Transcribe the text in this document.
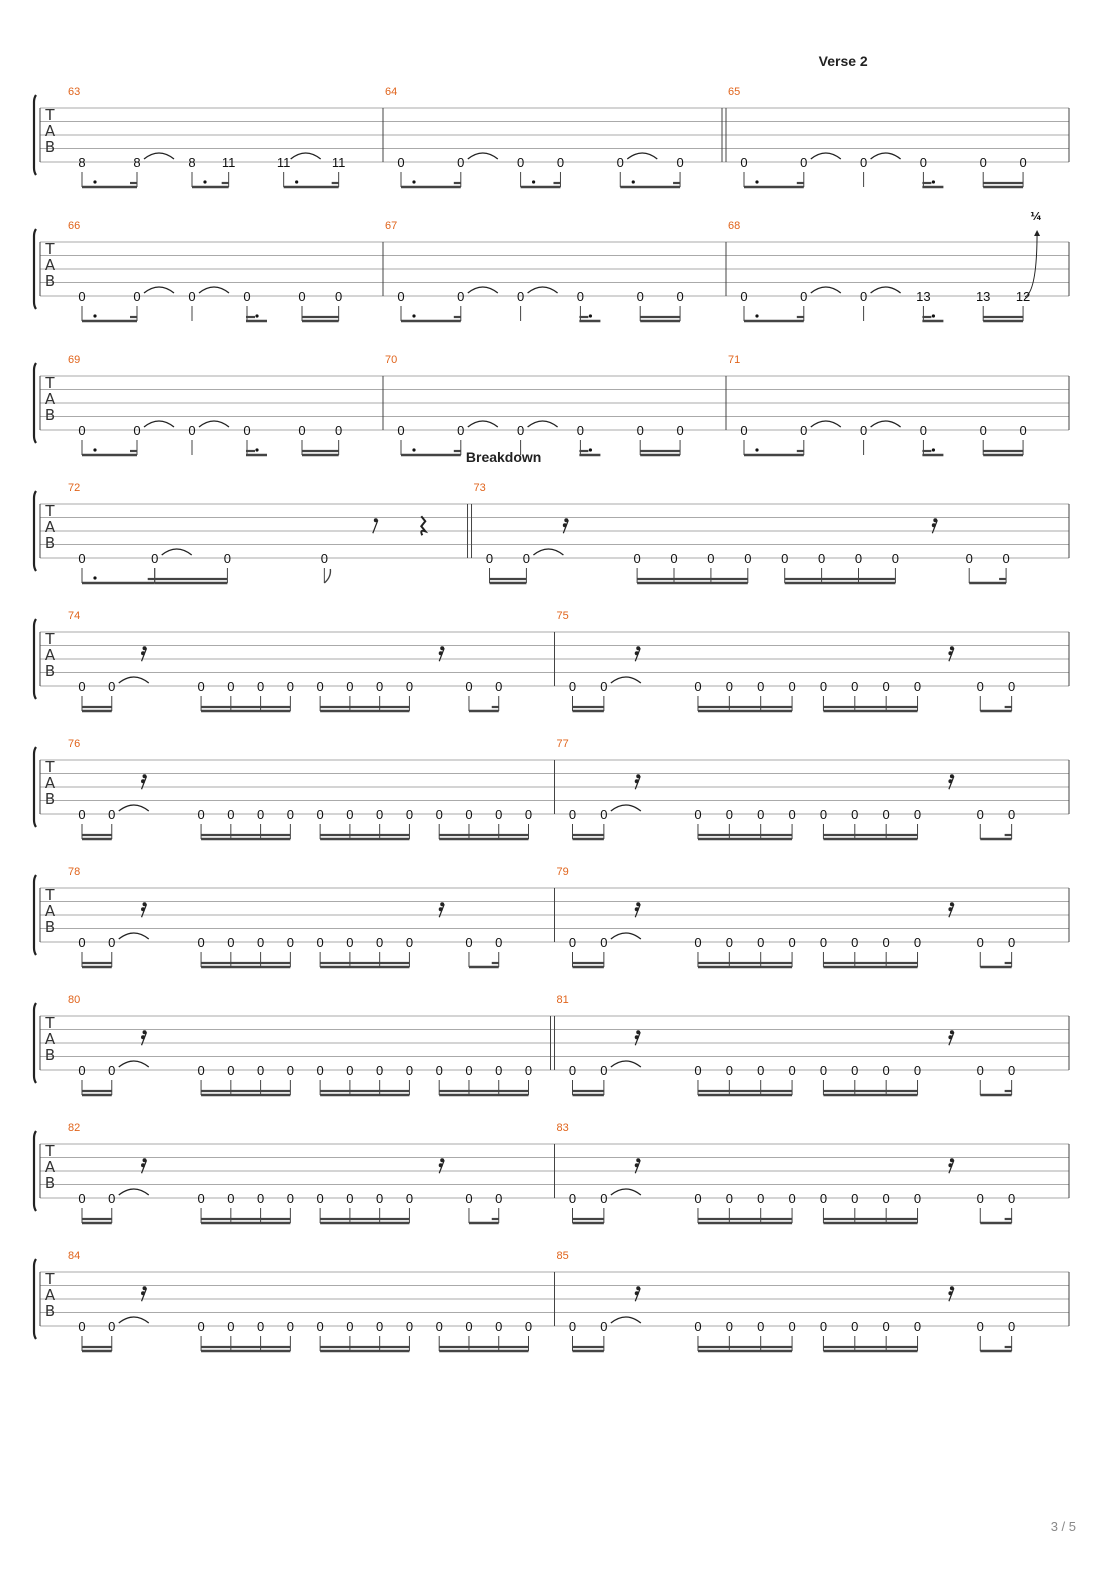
T
A
B
63
8	8	8 11	11	11
64
0	0	0	0	0	0
65
0	0	0	0	0	0
T
A
B
66
0	0	0	0	0 0
67
0	0	0	0	0	0
68
0	0	0	13	13 12
¼
T
A
B
69
0	0	0	0	0 0
70
0	0	0	0	0	0
71
0	0	0	0	0	0
T
A
B
72
0	0	0	0
73
0 0	0 0 0 0 0 0 0 0	0 0
T
A
B
74
0 0	0 0 0 0 0 0 0 0	0 0
75
0 0	0 0 0 0 0 0 0 0	0 0
T
A
B
76
0 0	0 0 0 0 0 0 0 0 0 0 0 0
77
0 0	0 0 0 0 0 0 0 0	0 0
T
A
B
78
0 0	0 0 0 0 0 0 0 0	0 0
79
0 0	0 0 0 0 0 0 0 0	0 0
T
A
B
80
0 0	0 0 0 0 0 0 0 0 0 0 0 0
81
0 0	0 0 0 0 0 0 0 0	0 0
T
A
B
82
0 0	0 0 0 0 0 0 0 0	0 0
83
0 0	0 0 0 0 0 0 0 0	0 0
T
A
B
84
0 0	0 0 0 0 0 0 0 0 0 0 0 0
85
0 0	0 0 0 0 0 0 0 0	0 0
Verse 2
Breakdown
3 / 5
